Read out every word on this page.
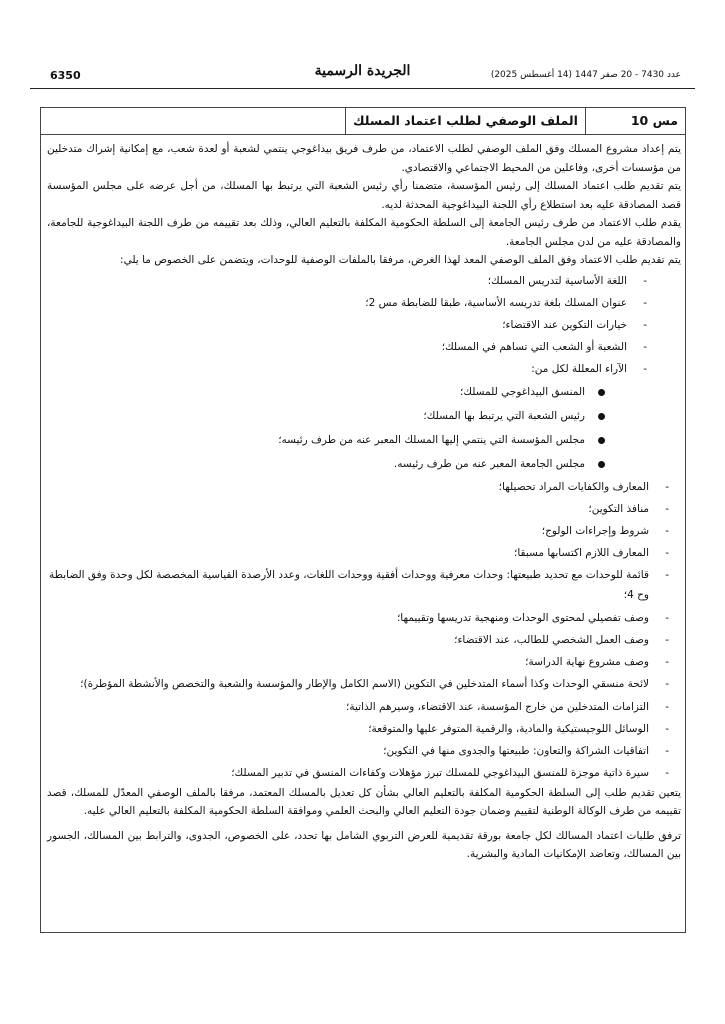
6350	الجريدة الرسمية	عدد 7430 - 20 صفر 1447 (14 أغسطس 2025)
مس 10
الملف الوصفي لطلب اعتماد المسلك

يتم إعداد مشروع المسلك وفق الملف الوصفي لطلب الاعتماد، من طرف فريق بيداغوجي ينتمي لشعبة أو لعدة شعب، مع إمكانية إشراك متدخلين من مؤسسات أخرى، وفاعلين من المحيط الاجتماعي والاقتصادي.

يتم تقديم طلب اعتماد المسلك إلى رئيس المؤسسة، متضمنا رأي رئيس الشعبة التي يرتبط بها المسلك، من أجل عرضه على مجلس المؤسسة قصد المصادقة عليه بعد استطلاع رأي اللجنة البيداغوجية المحدثة لديه.

يقدم طلب الاعتماد من طرف رئيس الجامعة إلى السلطة الحكومية المكلفة بالتعليم العالي، وذلك بعد تقييمه من طرف اللجنة البيداغوجية للجامعة، والمصادقة عليه من لدن مجلس الجامعة.

يتم تقديم طلب الاعتماد وفق الملف الوصفي المعد لهذا الغرض، مرفقا بالملفات الوصفية للوحدات، ويتضمن على الخصوص ما يلي:

-
اللغة الأساسية لتدريس المسلك؛
-
عنوان المسلك بلغة تدريسه الأساسية، طبقا للضابطة مس 2؛
-
خيارات التكوين عند الاقتضاء؛
-
الشعبة أو الشعب التي تساهم في المسلك؛
-
الآراء المعللة لكل من:
المنسق البيداغوجي للمسلك؛
رئيس الشعبة التي يرتبط بها المسلك؛
مجلس المؤسسة التي ينتمي إليها المسلك المعبر عنه من طرف رئيسه؛
مجلس الجامعة المعبر عنه من طرف رئيسه.
-
المعارف والكفايات المراد تحصيلها؛
-
منافذ التكوين؛
-
شروط وإجراءات الولوج؛
-
المعارف اللازم اكتسابها مسبقا؛
-
قائمة للوحدات مع تحديد طبيعتها: وحدات معرفية ووحدات أفقية ووحدات اللغات، وعدد الأرصدة القياسية المخصصة لكل وحدة وفق الضابطة وح 4؛
-
وصف تفصيلي لمحتوى الوحدات ومنهجية تدريسها وتقييمها؛
-
وصف العمل الشخصي للطالب، عند الاقتضاء؛
-
وصف مشروع نهاية الدراسة؛
-
لائحة منسقي الوحدات وكذا أسماء المتدخلين في التكوين (الاسم الكامل والإطار والمؤسسة والشعبة والتخصص والأنشطة المؤطرة)؛
-
التزامات المتدخلين من خارج المؤسسة، عند الاقتضاء، وسيرهم الذاتية؛
-
الوسائل اللوجيستيكية والمادية، والرقمية المتوفر عليها والمتوقعة؛
-
اتفاقيات الشراكة والتعاون: طبيعتها والجدوى منها في التكوين؛
-
سيرة ذاتية موجزة للمنسق البيداغوجي للمسلك تبرز مؤهلات وكفاءات المنسق في تدبير المسلك؛

يتعين تقديم طلب إلى السلطة الحكومية المكلفة بالتعليم العالي بشأن كل تعديل بالمسلك المعتمد، مرفقا بالملف الوصفي المعدّل للمسلك، قصد تقييمه من طرف الوكالة الوطنية لتقييم وضمان جودة التعليم العالي والبحث العلمي وموافقة السلطة الحكومية المكلفة بالتعليم العالي عليه.

ترفق طلبات اعتماد المسالك لكل جامعة بورقة تقديمية للعرض التربوي الشامل بها تحدد، على الخصوص، الجدوى، والترابط بين المسالك، الجسور بين المسالك، وتعاضد الإمكانيات المادية والبشرية.
